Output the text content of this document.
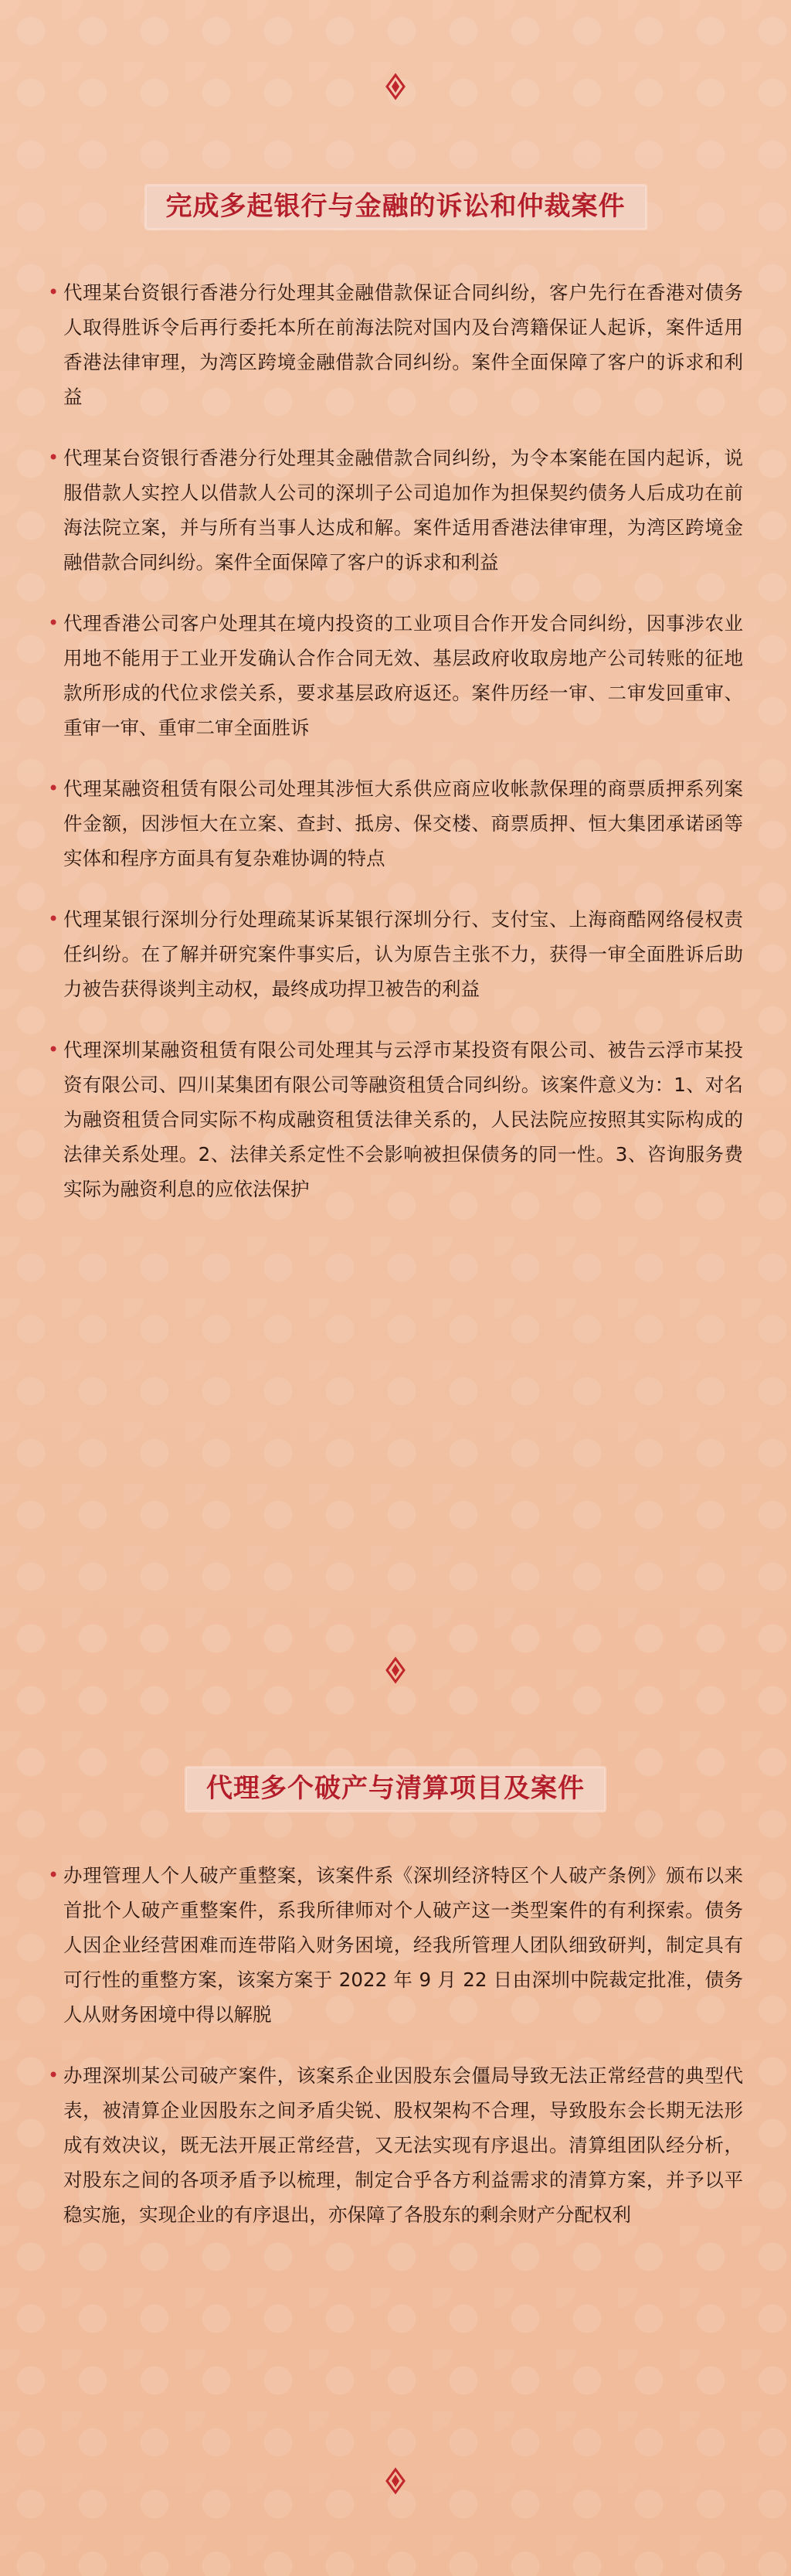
完成多起银行与金融的诉讼和仲裁案件
• 代理某台资银行香港分行处理其金融借款保证合同纠纷，客户先行在香港对债务人取得胜诉令后再行委托本所在前海法院对国内及台湾籍保证人起诉，案件适用香港法律审理，为湾区跨境金融借款合同纠纷。案件全面保障了客户的诉求和利益
• 代理某台资银行香港分行处理其金融借款合同纠纷，为令本案能在国内起诉，说服借款人实控人以借款人公司的深圳子公司追加作为担保契约债务人后成功在前海法院立案，并与所有当事人达成和解。案件适用香港法律审理，为湾区跨境金融借款合同纠纷。案件全面保障了客户的诉求和利益
• 代理香港公司客户处理其在境内投资的工业项目合作开发合同纠纷，因事涉农业用地不能用于工业开发确认合作合同无效、基层政府收取房地产公司转账的征地款所形成的代位求偿关系，要求基层政府返还。案件历经一审、二审发回重审、重审一审、重审二审全面胜诉
• 代理某融资租赁有限公司处理其涉恒大系供应商应收帐款保理的商票质押系列案件金额，因涉恒大在立案、查封、抵房、保交楼、商票质押、恒大集团承诺函等实体和程序方面具有复杂难协调的特点
• 代理某银行深圳分行处理疏某诉某银行深圳分行、支付宝、上海商酷网络侵权责任纠纷。在了解并研究案件事实后，认为原告主张不力，获得一审全面胜诉后助力被告获得谈判主动权，最终成功捍卫被告的利益
• 代理深圳某融资租赁有限公司处理其与云浮市某投资有限公司、被告云浮市某投资有限公司、四川某集团有限公司等融资租赁合同纠纷。该案件意义为：1、对名为融资租赁合同实际不构成融资租赁法律关系的，人民法院应按照其实际构成的法律关系处理。2、法律关系定性不会影响被担保债务的同一性。3、咨询服务费实际为融资利息的应依法保护
代理多个破产与清算项目及案件
• 办理管理人个人破产重整案，该案件系《深圳经济特区个人破产条例》颁布以来首批个人破产重整案件，系我所律师对个人破产这一类型案件的有利探索。债务人因企业经营困难而连带陷入财务困境，经我所管理人团队细致研判，制定具有可行性的重整方案，该案方案于 2022 年 9 月 22 日由深圳中院裁定批准，债务人从财务困境中得以解脱
• 办理深圳某公司破产案件，该案系企业因股东会僵局导致无法正常经营的典型代表，被清算企业因股东之间矛盾尖锐、股权架构不合理，导致股东会长期无法形成有效决议，既无法开展正常经营，又无法实现有序退出。清算组团队经分析，对股东之间的各项矛盾予以梳理，制定合乎各方利益需求的清算方案，并予以平稳实施，实现企业的有序退出，亦保障了各股东的剩余财产分配权利
